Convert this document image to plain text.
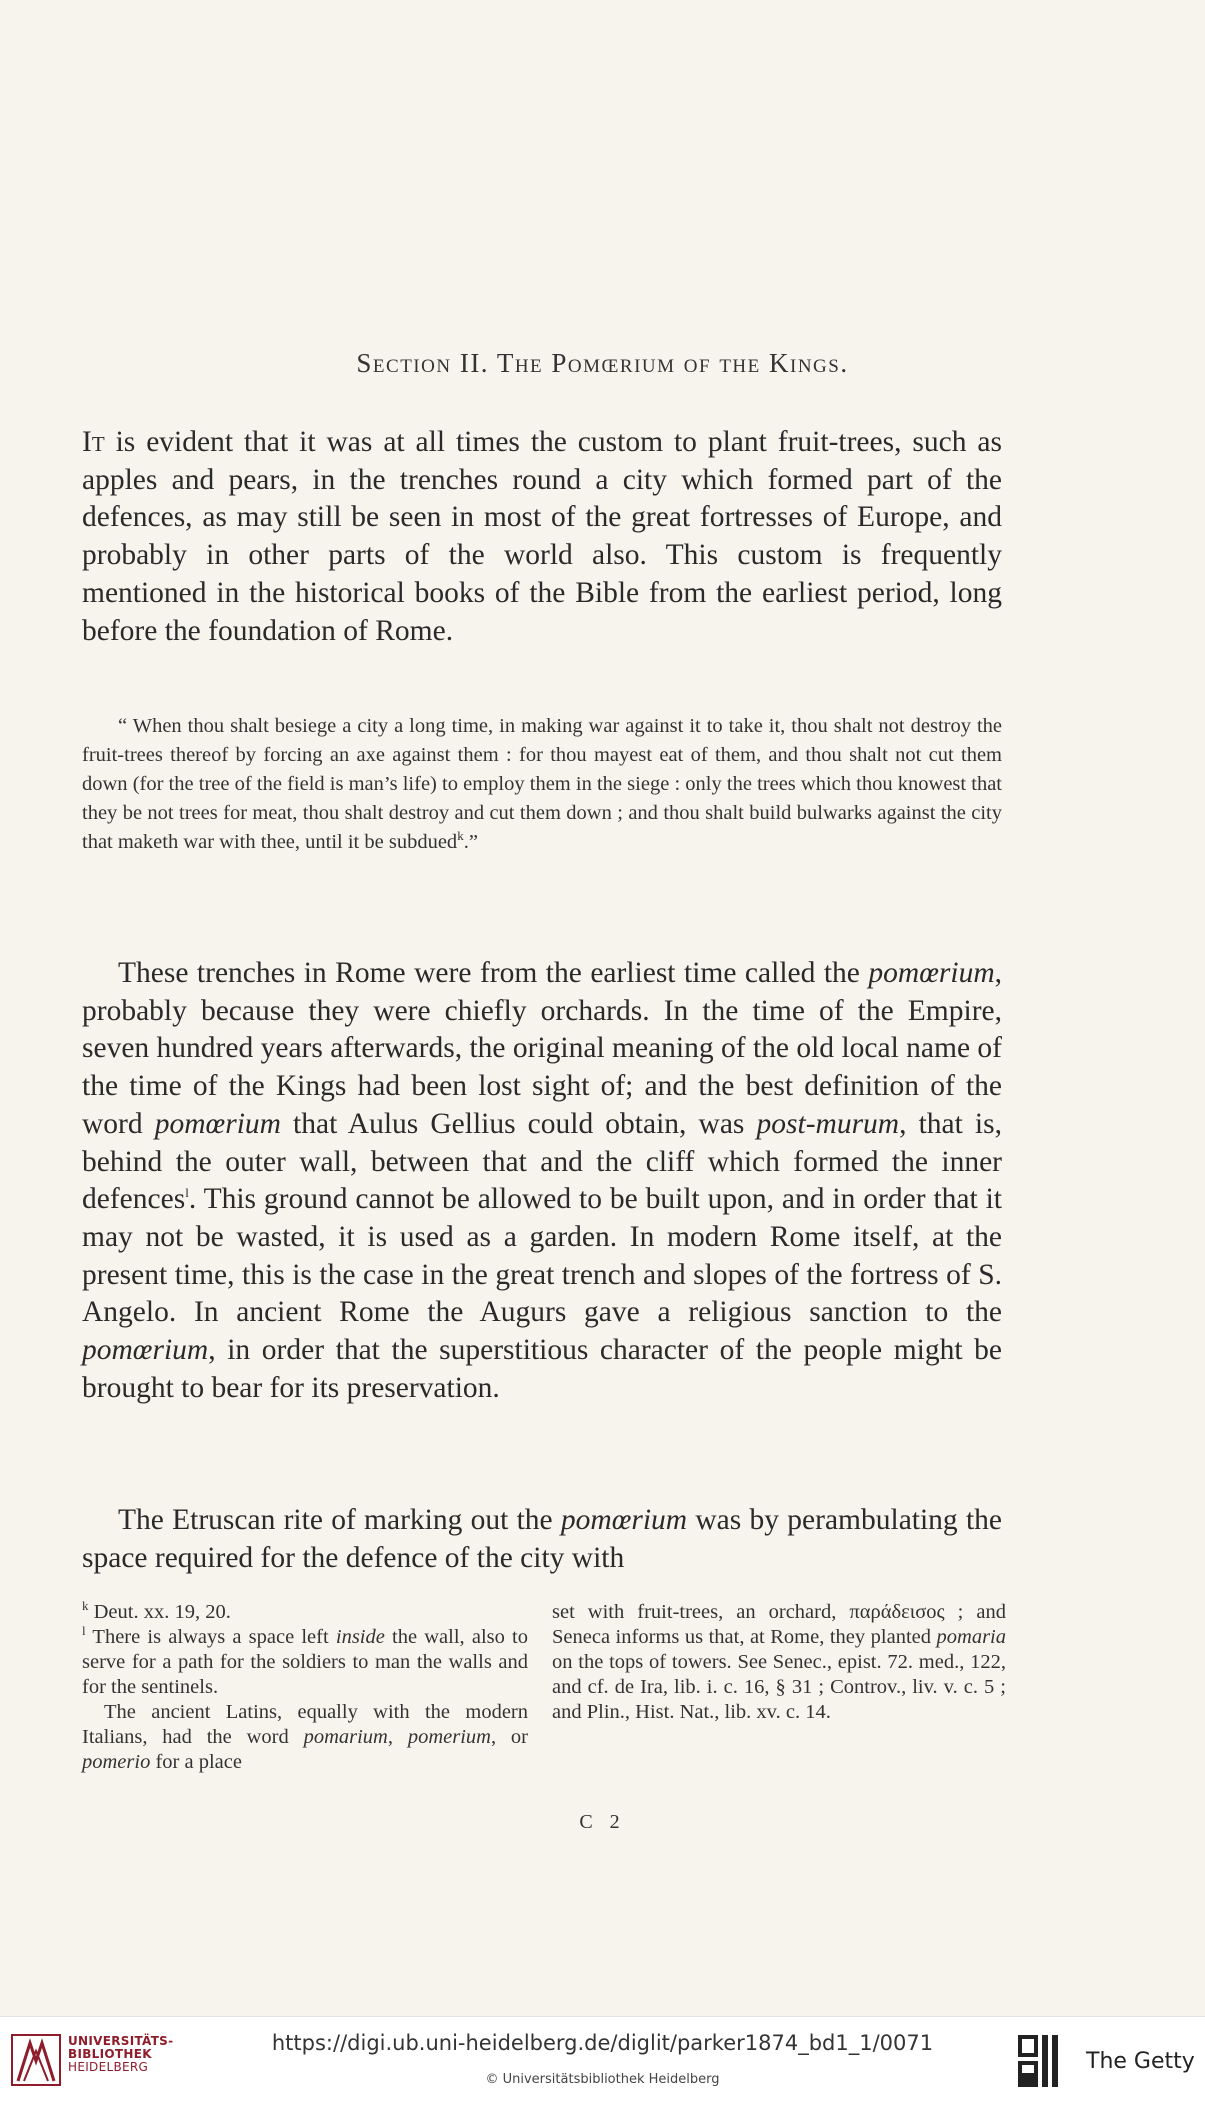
Section II. The Pomœrium of the Kings.

It is evident that it was at all times the custom to plant fruit-trees, such as apples and pears, in the trenches round a city which formed part of the defences, as may still be seen in most of the great fortresses of Europe, and probably in other parts of the world also. This custom is frequently mentioned in the historical books of the Bible from the earliest period, long before the foundation of Rome.

“ When thou shalt besiege a city a long time, in making war against it to take it, thou shalt not destroy the fruit-trees thereof by forcing an axe against them : for thou mayest eat of them, and thou shalt not cut them down (for the tree of the field is man’s life) to employ them in the siege : only the trees which thou knowest that they be not trees for meat, thou shalt destroy and cut them down ; and thou shalt build bulwarks against the city that maketh war with thee, until it be subdued$^k$.”

These trenches in Rome were from the earliest time called the pomœrium, probably because they were chiefly orchards. In the time of the Empire, seven hundred years afterwards, the original meaning of the old local name of the time of the Kings had been lost sight of; and the best definition of the word pomœrium that Aulus Gellius could obtain, was post-murum, that is, behind the outer wall, between that and the cliff which formed the inner defences$^l$. This ground cannot be allowed to be built upon, and in order that it may not be wasted, it is used as a garden. In modern Rome itself, at the present time, this is the case in the great trench and slopes of the fortress of S. Angelo. In ancient Rome the Augurs gave a religious sanction to the pomœrium, in order that the superstitious character of the people might be brought to bear for its preservation.

The Etruscan rite of marking out the pomœrium was by perambulating the space required for the defence of the city with

$^k$ Deut. xx. 19, 20.

$^l$ There is always a space left inside the wall, also to serve for a path for the soldiers to man the walls and for the sentinels.

The ancient Latins, equally with the modern Italians, had the word pomarium, pomerium, or pomerio for a place

set with fruit-trees, an orchard, παράδεισος ; and Seneca informs us that, at Rome, they planted pomaria on the tops of towers. See Senec., epist. 72. med., 122, and cf. de Ira, lib. i. c. 16, § 31 ; Controv., liv. v. c. 5 ; and Plin., Hist. Nat., lib. xv. c. 14.

C 2
UNIVERSITÄTS-
BIBLIOTHEK
HEIDELBERG
https://digi.ub.uni-heidelberg.de/diglit/parker1874_bd1_1/0071
© Universitätsbibliothek Heidelberg
The Getty
